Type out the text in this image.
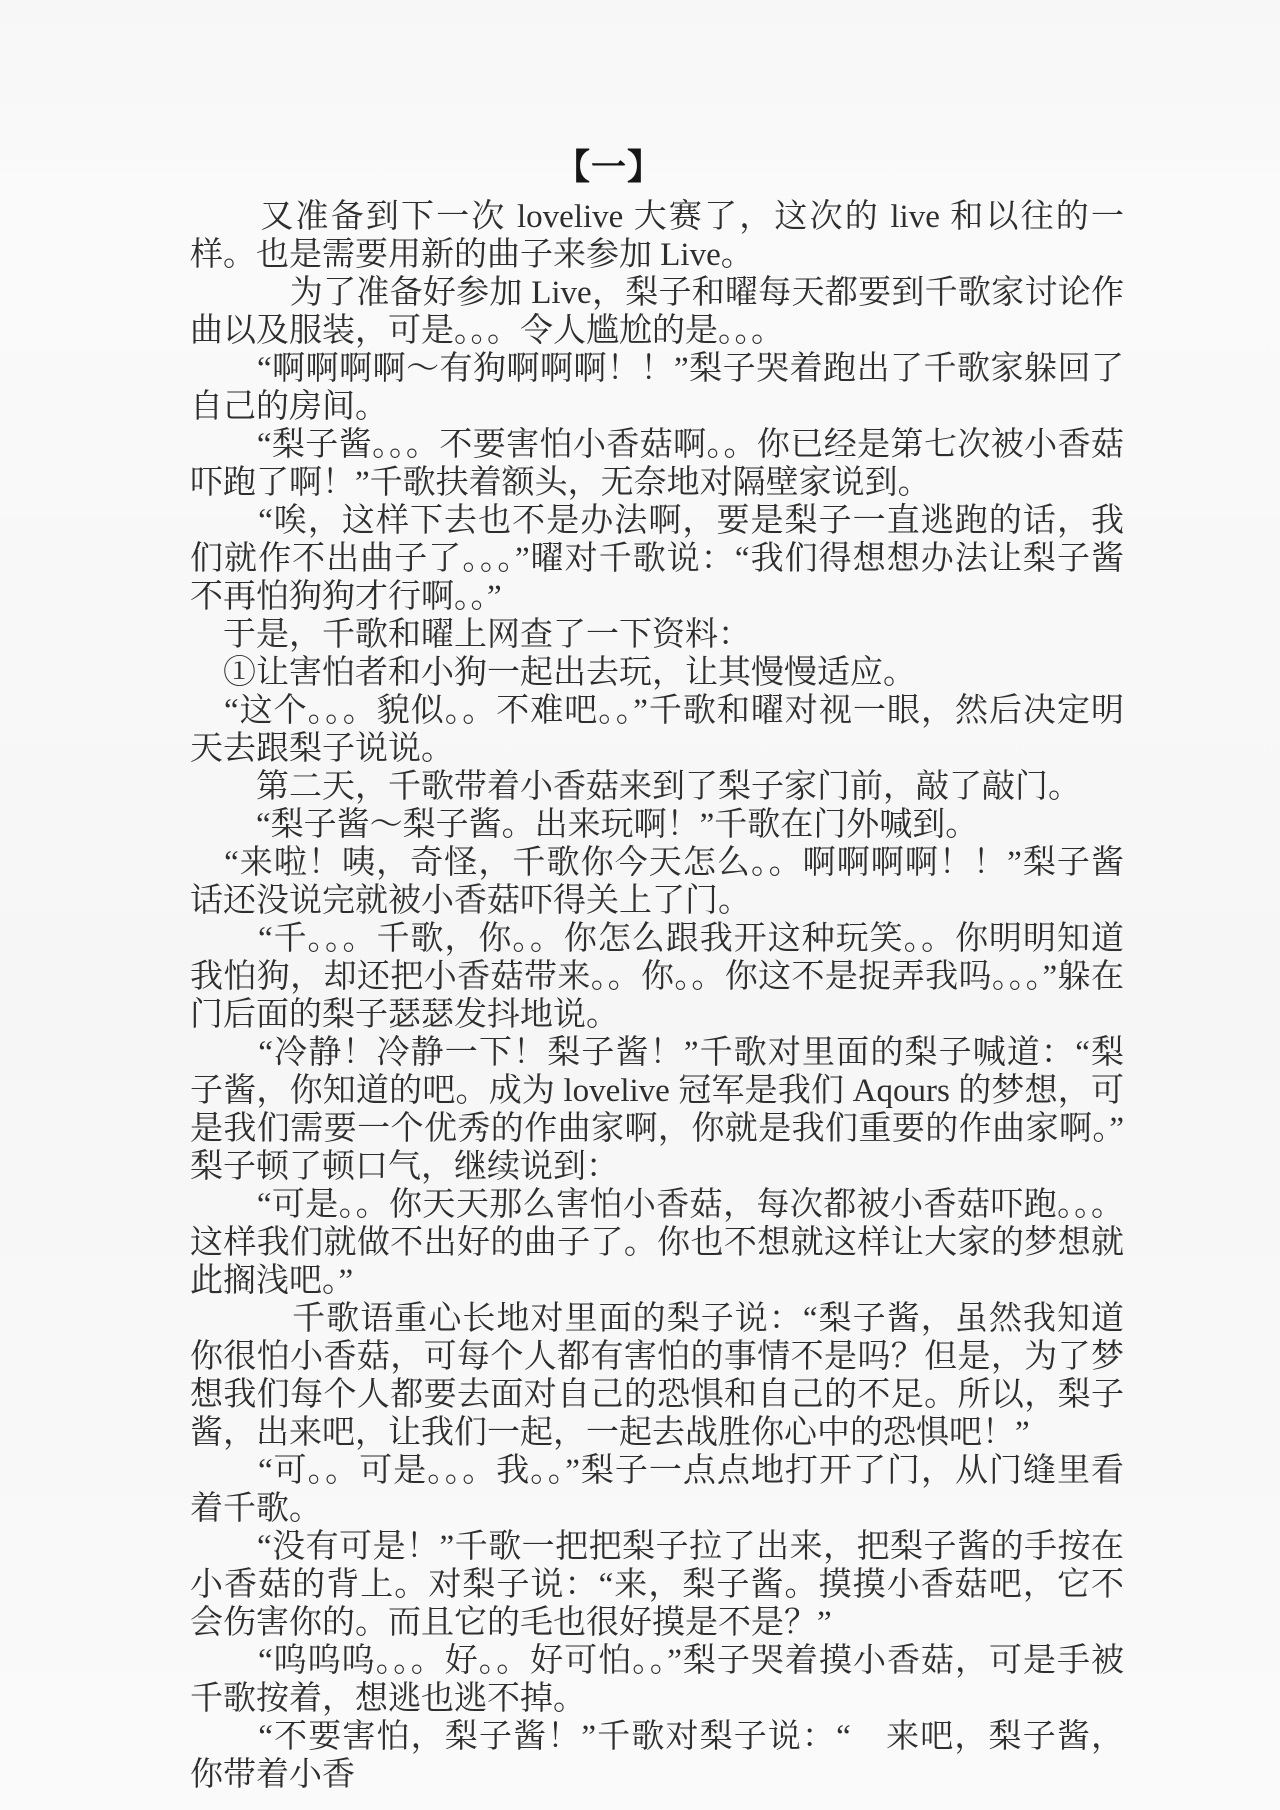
【一】

　　又准备到下一次 lovelive 大赛了，这次的 live 和以往的一样。也是需要用新的曲子来参加 Live。

　　　为了准备好参加 Live，梨子和曜每天都要到千歌家讨论作曲以及服装，可是。。。令人尴尬的是。。。

　　“啊啊啊啊～有狗啊啊啊！！”梨子哭着跑出了千歌家躲回了自己的房间。

　　“梨子酱。。。不要害怕小香菇啊。。你已经是第七次被小香菇吓跑了啊！”千歌扶着额头，无奈地对隔壁家说到。

　　“唉，这样下去也不是办法啊，要是梨子一直逃跑的话，我们就作不出曲子了。。。”曜对千歌说：“我们得想想办法让梨子酱不再怕狗狗才行啊。。”

　于是，千歌和曜上网查了一下资料：

　①让害怕者和小狗一起出去玩，让其慢慢适应。

　“这个。。。貌似。。不难吧。。”千歌和曜对视一眼，然后决定明天去跟梨子说说。

　　第二天，千歌带着小香菇来到了梨子家门前，敲了敲门。

　　“梨子酱～梨子酱。出来玩啊！”千歌在门外喊到。

　“来啦！咦，奇怪，千歌你今天怎么。。啊啊啊啊！！”梨子酱话还没说完就被小香菇吓得关上了门。

　　“千。。。千歌，你。。你怎么跟我开这种玩笑。。你明明知道我怕狗，却还把小香菇带来。。你。。你这不是捉弄我吗。。。”躲在门后面的梨子瑟瑟发抖地说。

　　“冷静！冷静一下！梨子酱！”千歌对里面的梨子喊道：“梨子酱，你知道的吧。成为 lovelive 冠军是我们 Aqours 的梦想，可是我们需要一个优秀的作曲家啊，你就是我们重要的作曲家啊。”梨子顿了顿口气，继续说到：

　　“可是。。你天天那么害怕小香菇，每次都被小香菇吓跑。。。这样我们就做不出好的曲子了。你也不想就这样让大家的梦想就此搁浅吧。”

　　　千歌语重心长地对里面的梨子说：“梨子酱，虽然我知道你很怕小香菇，可每个人都有害怕的事情不是吗？但是，为了梦想我们每个人都要去面对自己的恐惧和自己的不足。所以，梨子酱，出来吧，让我们一起，一起去战胜你心中的恐惧吧！”

　　“可。。可是。。。我。。”梨子一点点地打开了门，从门缝里看着千歌。

　　“没有可是！”千歌一把把梨子拉了出来，把梨子酱的手按在小香菇的背上。对梨子说：“来，梨子酱。摸摸小香菇吧，它不会伤害你的。而且它的毛也很好摸是不是？”

　　“呜呜呜。。。好。。好可怕。。”梨子哭着摸小香菇，可是手被千歌按着，想逃也逃不掉。

　　“不要害怕，梨子酱！”千歌对梨子说：“　来吧，梨子酱，你带着小香
